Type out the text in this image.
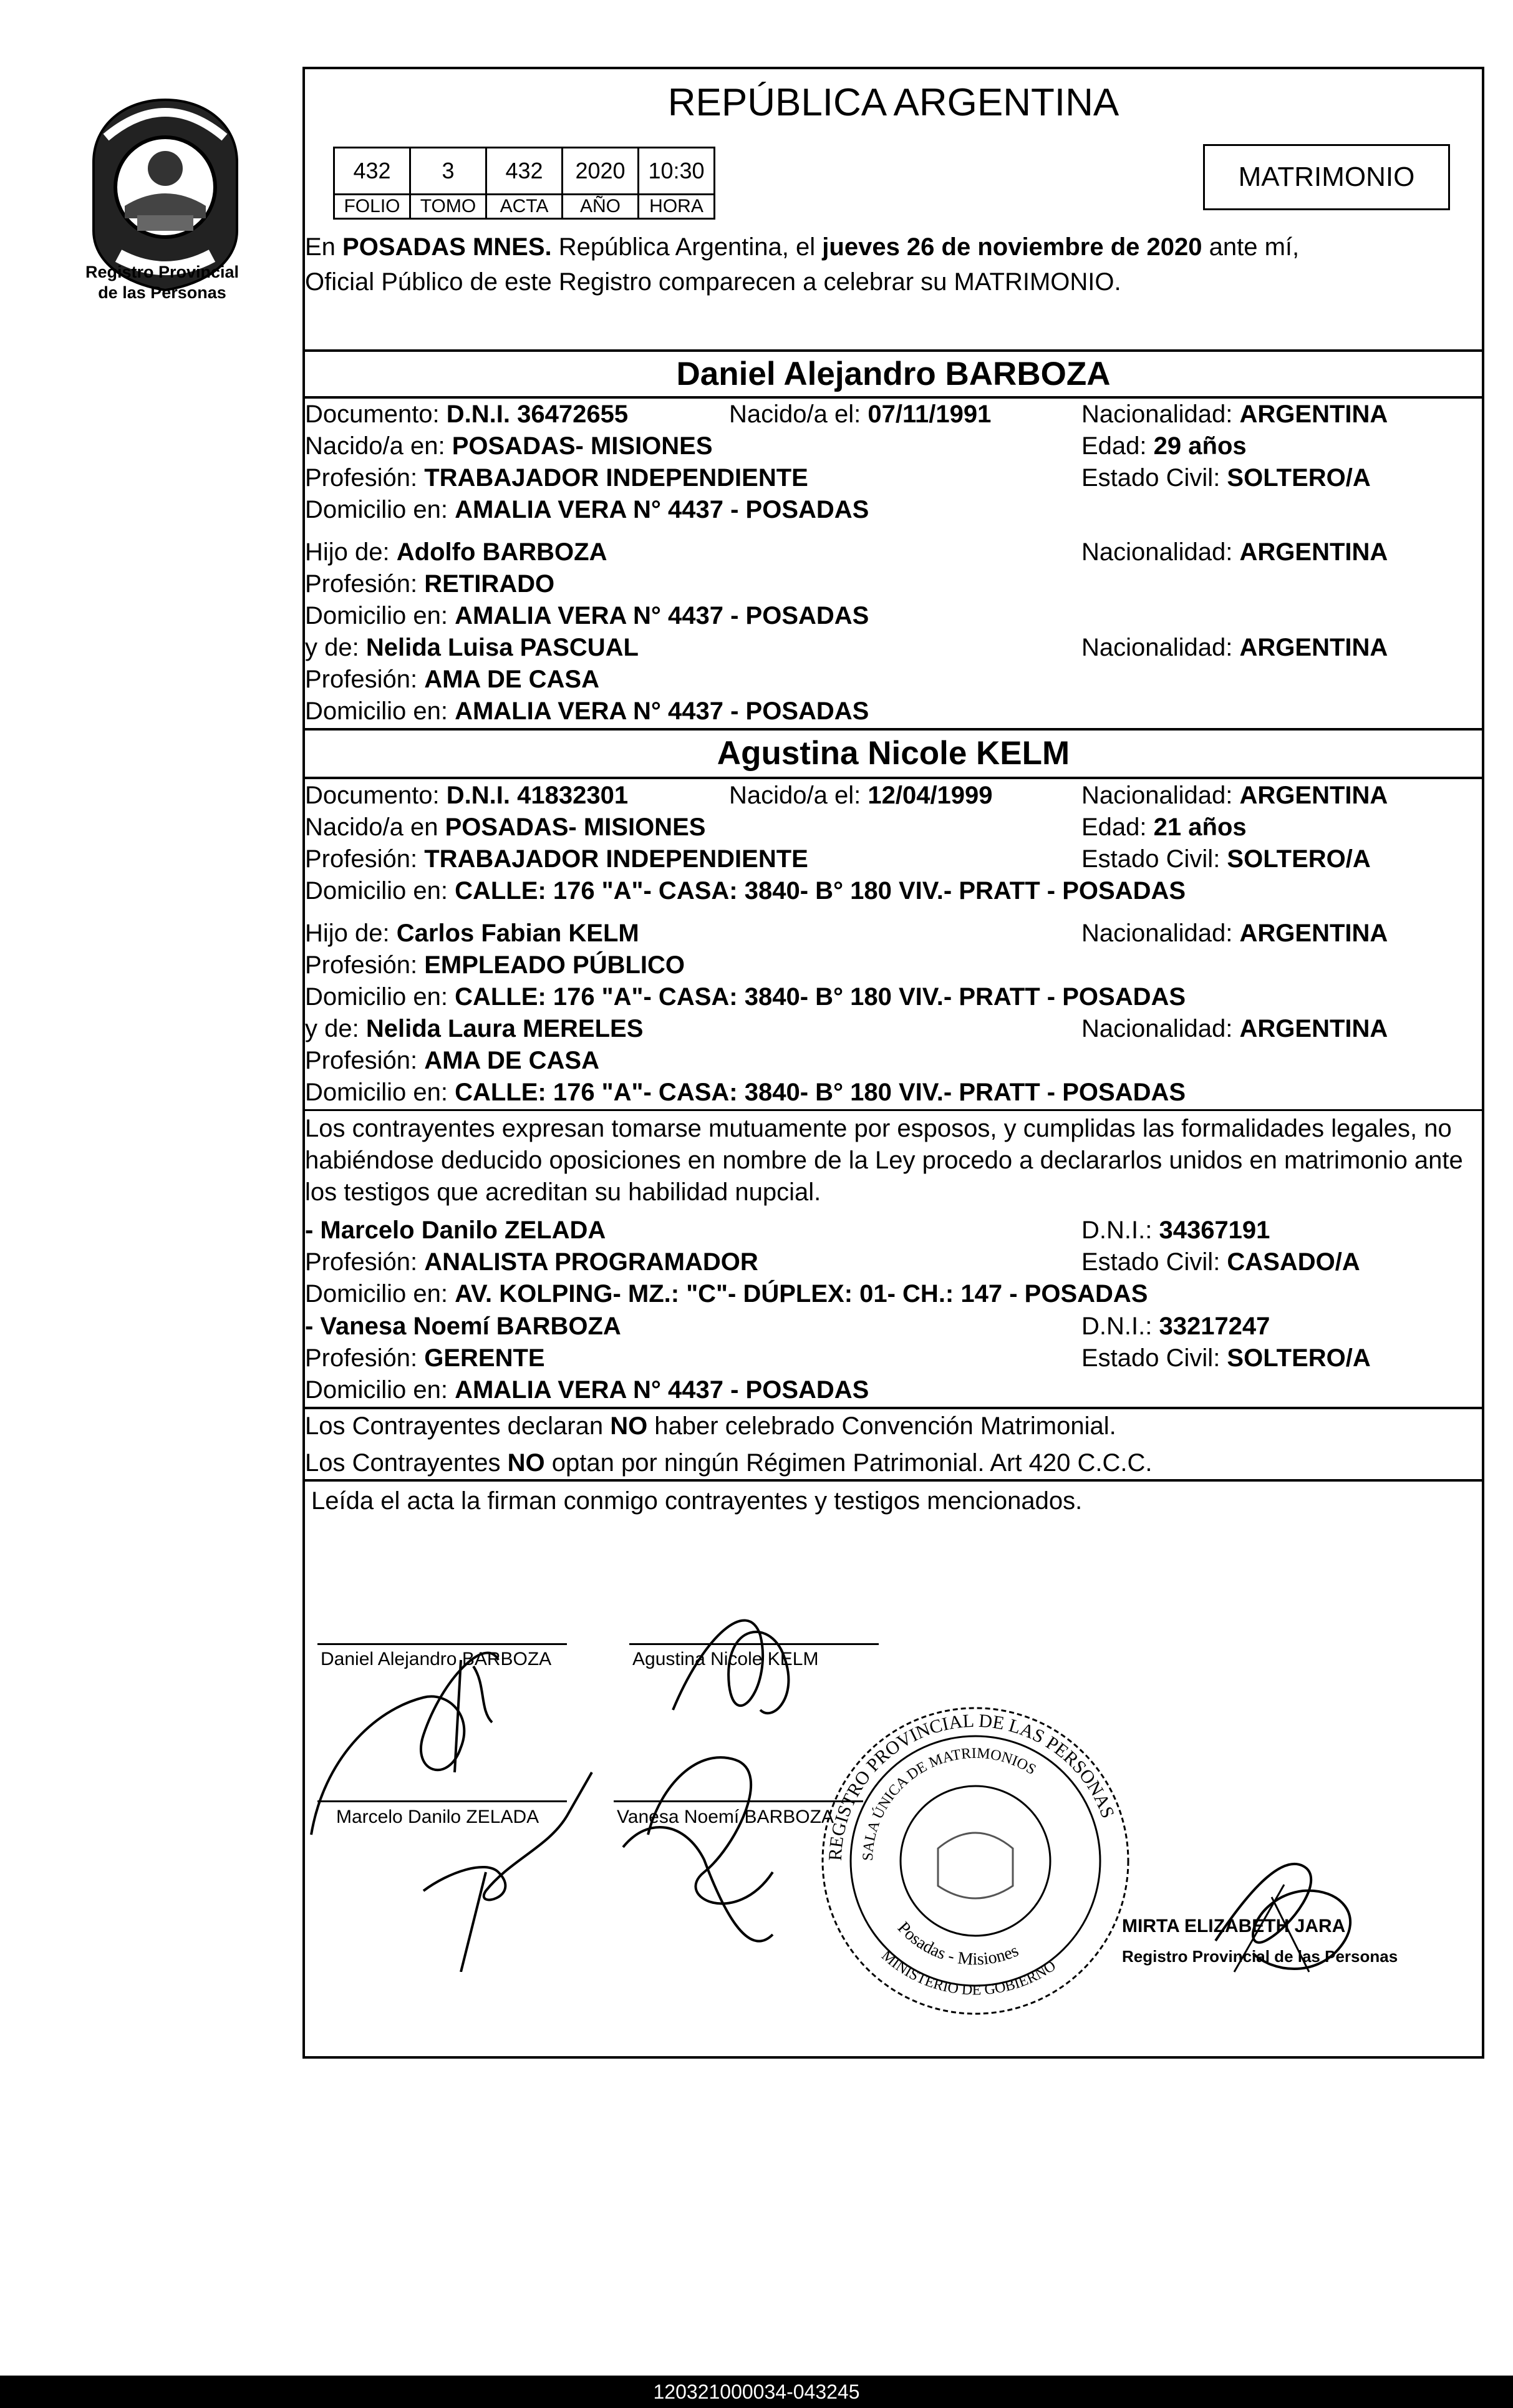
Registro Provincial
de las Personas
REPÚBLICA ARGENTINA
432	3	432	2020	10:30
FOLIO	TOMO	ACTA	AÑO	HORA
MATRIMONIO
En POSADAS MNES. República Argentina, el jueves 26 de noviembre de 2020 ante mí,
Oficial Público de este Registro comparecen a celebrar su MATRIMONIO.
Daniel Alejandro BARBOZA
Documento: D.N.I. 36472655	Nacido/a el: 07/11/1991	Nacionalidad: ARGENTINA
Nacido/a en: POSADAS- MISIONES	Edad: 29 años
Profesión: TRABAJADOR INDEPENDIENTE	Estado Civil: SOLTERO/A
Domicilio en: AMALIA VERA N° 4437 - POSADAS
Hijo de: Adolfo BARBOZA	Nacionalidad: ARGENTINA
Profesión: RETIRADO
Domicilio en: AMALIA VERA N° 4437 - POSADAS
y de: Nelida Luisa PASCUAL	Nacionalidad: ARGENTINA
Profesión: AMA DE CASA
Domicilio en: AMALIA VERA N° 4437 - POSADAS
Agustina Nicole KELM
Documento: D.N.I. 41832301	Nacido/a el: 12/04/1999	Nacionalidad: ARGENTINA
Nacido/a en POSADAS- MISIONES	Edad: 21 años
Profesión: TRABAJADOR INDEPENDIENTE	Estado Civil: SOLTERO/A
Domicilio en: CALLE: 176 "A"- CASA: 3840- B° 180 VIV.- PRATT - POSADAS
Hijo de: Carlos Fabian KELM	Nacionalidad: ARGENTINA
Profesión: EMPLEADO PÚBLICO
Domicilio en: CALLE: 176 "A"- CASA: 3840- B° 180 VIV.- PRATT - POSADAS
y de: Nelida Laura MERELES	Nacionalidad: ARGENTINA
Profesión: AMA DE CASA
Domicilio en: CALLE: 176 "A"- CASA: 3840- B° 180 VIV.- PRATT - POSADAS
Los contrayentes expresan tomarse mutuamente por esposos, y cumplidas las formalidades legales, no
habiéndose deducido oposiciones en nombre de la Ley procedo a declararlos unidos en matrimonio ante
los testigos que acreditan su habilidad nupcial.
- Marcelo Danilo ZELADA	D.N.I.: 34367191
Profesión: ANALISTA PROGRAMADOR	Estado Civil: CASADO/A
Domicilio en: AV. KOLPING- MZ.: "C"- DÚPLEX: 01- CH.: 147 - POSADAS
- Vanesa Noemí BARBOZA	D.N.I.: 33217247
Profesión: GERENTE	Estado Civil: SOLTERO/A
Domicilio en: AMALIA VERA N° 4437 - POSADAS
Los Contrayentes declaran NO haber celebrado Convención Matrimonial.
Los Contrayentes NO optan por ningún Régimen Patrimonial. Art 420 C.C.C.
Leída el acta la firman conmigo contrayentes y testigos mencionados.
Daniel Alejandro BARBOZA	Agustina Nicole KELM
Marcelo Danilo ZELADA	Vanesa Noemí BARBOZA
REGISTRO PROVINCIAL DE LAS PERSONAS
SALA ÚNICA DE MATRIMONIOS
Posadas - Misiones
MINISTERIO DE GOBIERNO
MIRTA ELIZABETH JARA
Registro Provincial de las Personas
120321000034-043245
